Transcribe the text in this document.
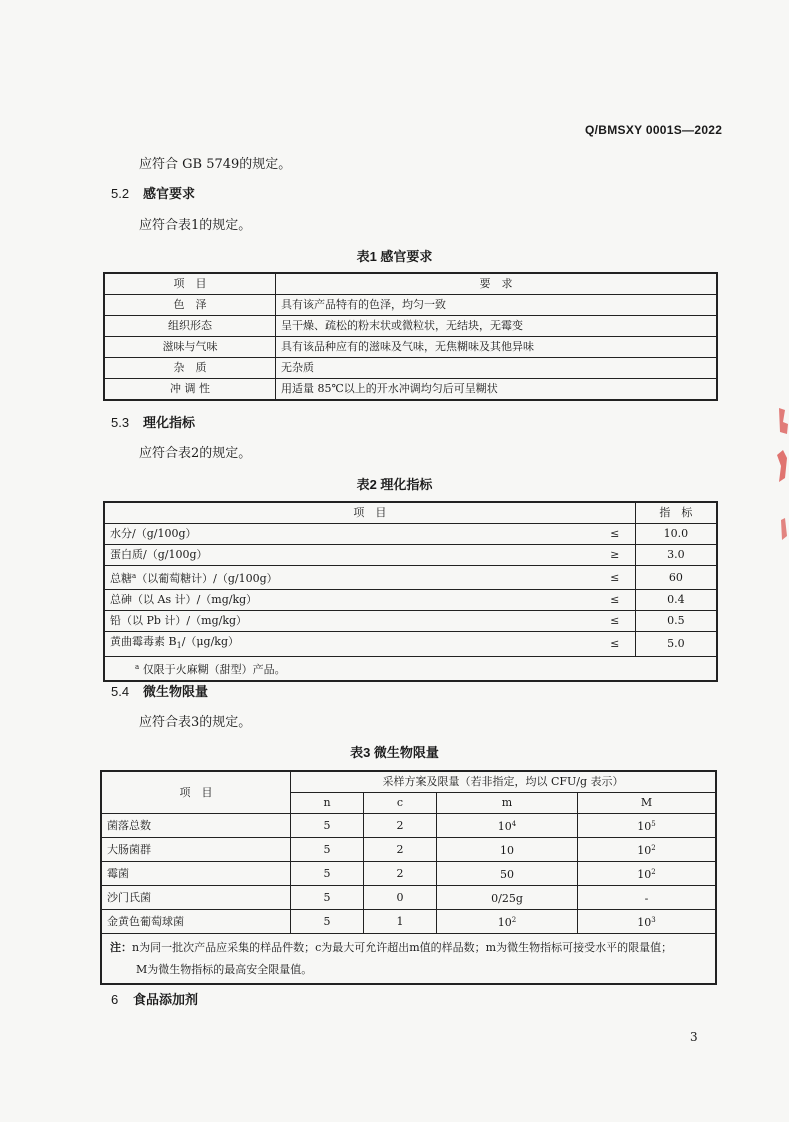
Q/BMSXY 0001S—2022
应符合 GB 5749的规定。
5.2 感官要求
应符合表1的规定。
表1 感官要求
项　目	要　求
色　泽	具有该产品特有的色泽，均匀一致
组织形态	呈干燥、疏松的粉末状或微粒状，无结块，无霉变
滋味与气味	具有该品种应有的滋味及气味，无焦糊味及其他异味
杂　质	无杂质
冲 调 性	用适量 85℃以上的开水冲调均匀后可呈糊状
5.3 理化指标
应符合表2的规定。
表2 理化指标
项　目		指　标
水分/（g/100g）	≤	10.0
蛋白质/（g/100g）	≥	3.0
总糖$^a$（以葡萄糖计）/（g/100g）	≤	60
总砷（以 As 计）/（mg/kg）	≤	0.4
铅（以 Pb 计）/（mg/kg）	≤	0.5
黄曲霉毒素 $B_1/(\mu g/kg)$	≤	5.0
$^a$ 仅限于火麻糊（甜型）产品。		
5.4 微生物限量
应符合表3的规定。
表3 微生物限量
项　目	采样方案及限量（若非指定，均以 CFU/g 表示）			
	n	c	m	M
菌落总数	5	2	$10^4$	$10^5$
大肠菌群	5	2	10	$10^2$
霉菌	5	2	50	$10^2$
沙门氏菌	5	0	0/25g	-
金黄色葡萄球菌	5	1	$10^2$	$10^3$

注：n为同一批次产品应采集的样品件数；c为最大可允许超出m值的样品数；m为微生物指标可接受水平的限量值；
M为微生物指标的最高安全限量值。				
6 食品添加剂
3
